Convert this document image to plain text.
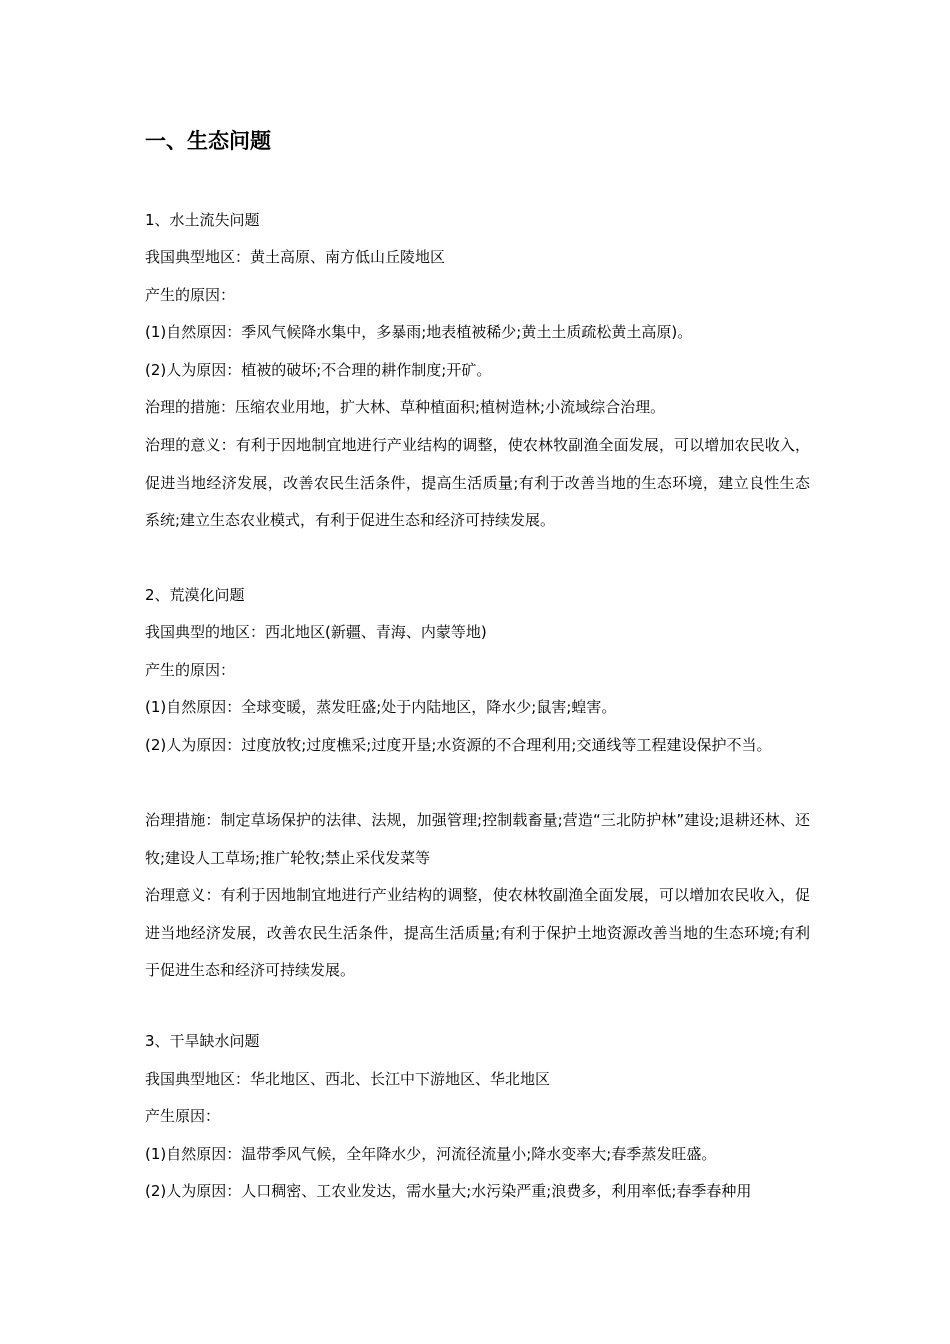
一、生态问题
1、水土流失问题
我国典型地区：黄土高原、南方低山丘陵地区
产生的原因：
(1)自然原因：季风气候降水集中，多暴雨;地表植被稀少;黄土土质疏松黄土高原)。
(2)人为原因：植被的破坏;不合理的耕作制度;开矿。
治理的措施：压缩农业用地，扩大林、草种植面积;植树造林;小流域综合治理。
治理的意义：有利于因地制宜地进行产业结构的调整，使农林牧副渔全面发展，可以增加农民收入，促进当地经济发展，改善农民生活条件，提高生活质量;有利于改善当地的生态环境，建立良性生态系统;建立生态农业模式，有利于促进生态和经济可持续发展。
2、荒漠化问题
我国典型的地区：西北地区(新疆、青海、内蒙等地)
产生的原因：
(1)自然原因：全球变暖，蒸发旺盛;处于内陆地区，降水少;鼠害;蝗害。
(2)人为原因：过度放牧;过度樵采;过度开垦;水资源的不合理利用;交通线等工程建设保护不当。
治理措施：制定草场保护的法律、法规，加强管理;控制载畜量;营造“三北防护林”建设;退耕还林、还牧;建设人工草场;推广轮牧;禁止采伐发菜等
治理意义：有利于因地制宜地进行产业结构的调整，使农林牧副渔全面发展，可以增加农民收入，促进当地经济发展，改善农民生活条件，提高生活质量;有利于保护土地资源改善当地的生态环境;有利于促进生态和经济可持续发展。
3、干旱缺水问题
我国典型地区：华北地区、西北、长江中下游地区、华北地区
产生原因：
(1)自然原因：温带季风气候，全年降水少，河流径流量小;降水变率大;春季蒸发旺盛。
(2)人为原因：人口稠密、工农业发达，需水量大;水污染严重;浪费多，利用率低;春季春种用
